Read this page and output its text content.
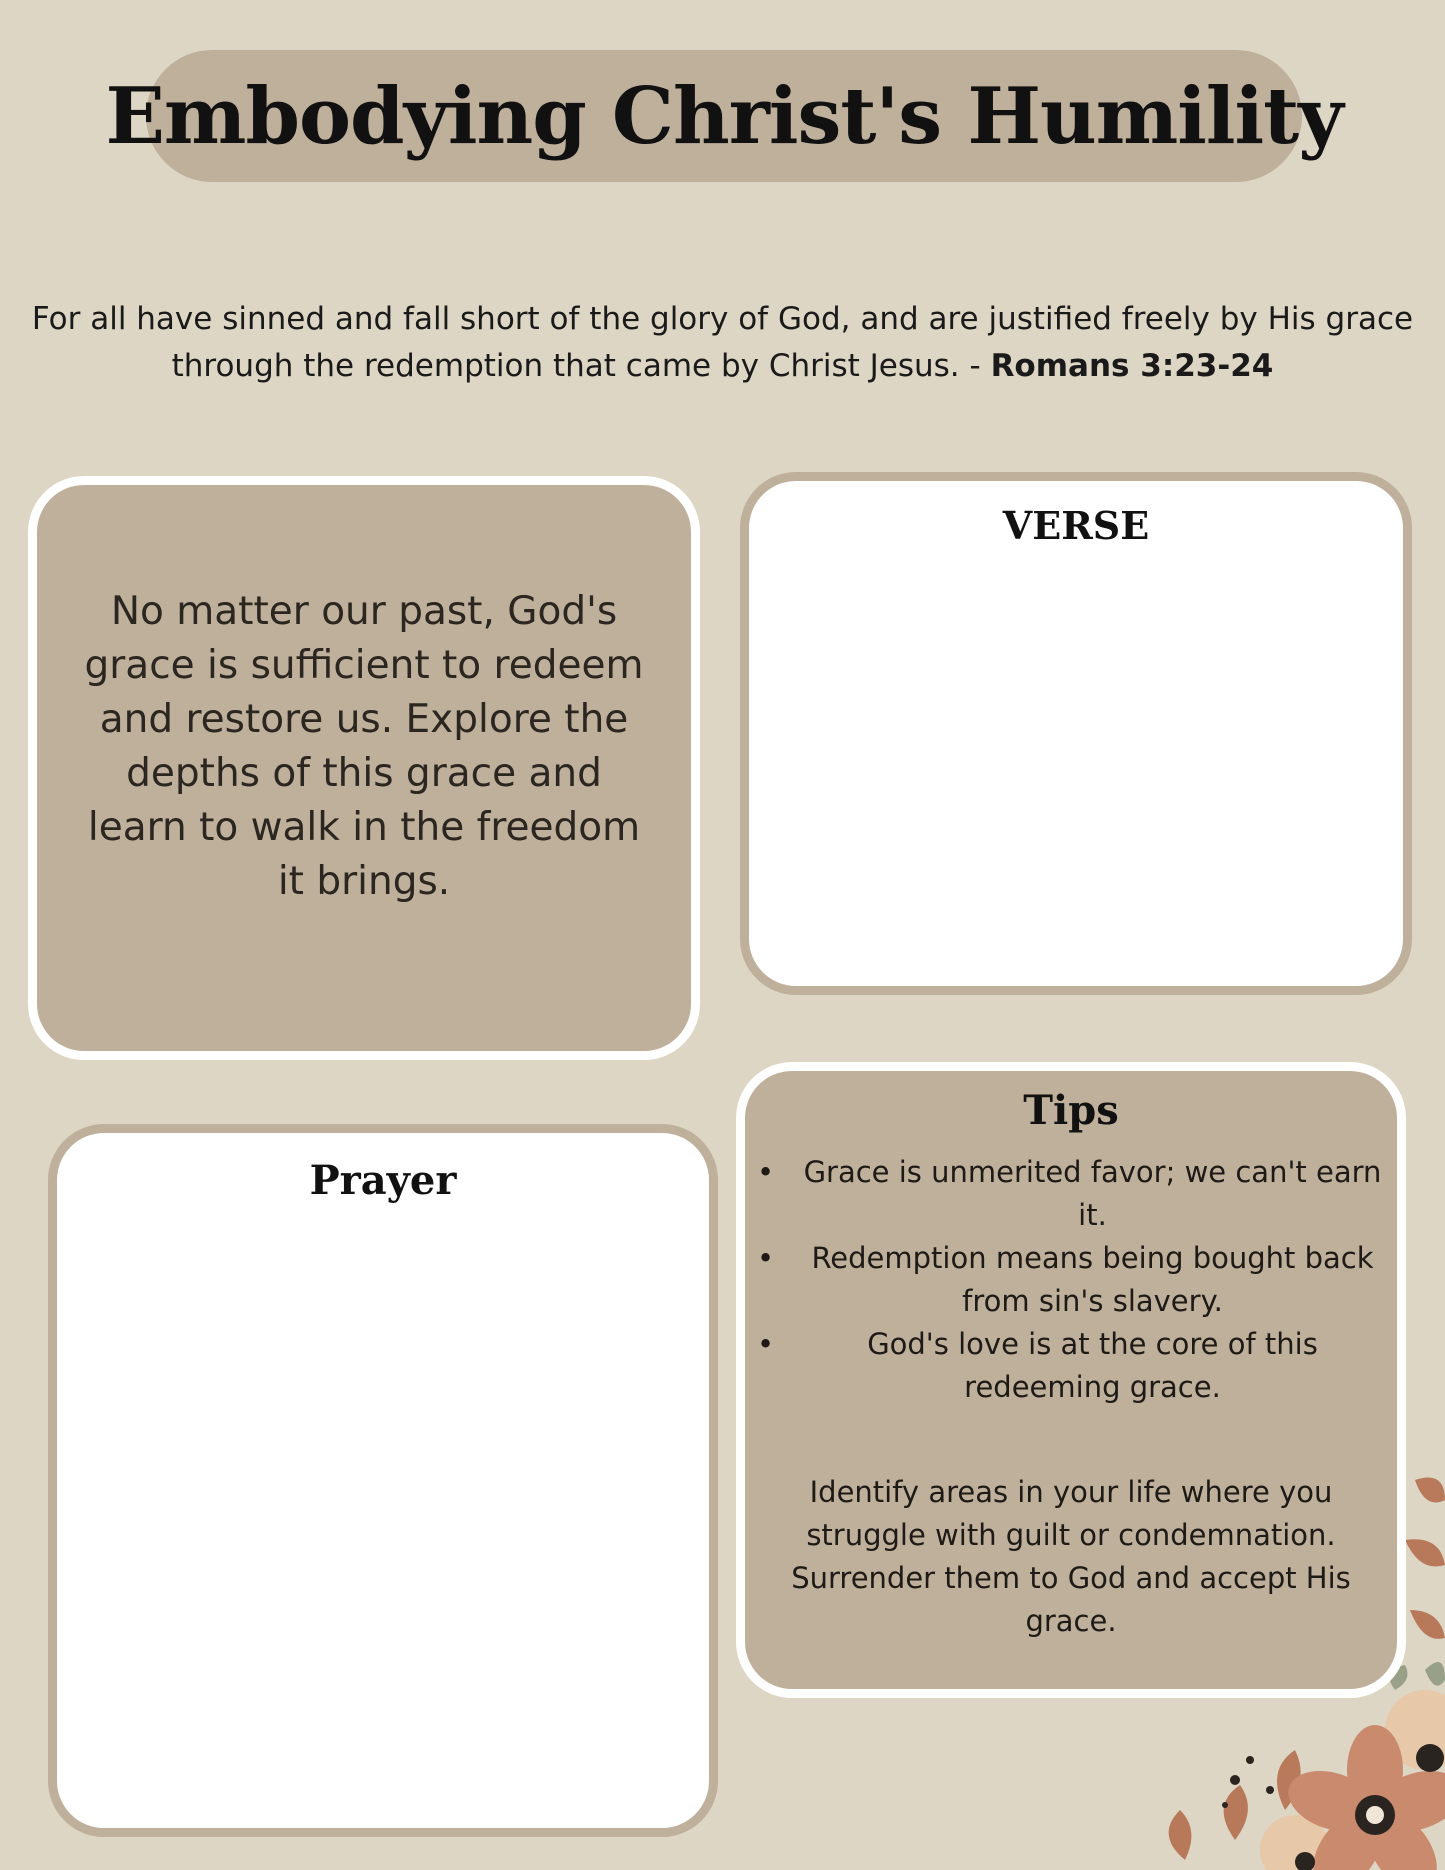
Embodying Christ's Humility
For all have sinned and fall short of the glory of God, and are justified freely by His grace through the redemption that came by Christ Jesus. - Romans 3:23-24
No matter our past, God's grace is sufficient to redeem and restore us. Explore the depths of this grace and learn to walk in the freedom it brings.
VERSE
Prayer
Tips
• Grace is unmerited favor; we can't earn it.
• Redemption means being bought back from sin's slavery.
•	God's love is at the core of this redeeming grace.
Identify areas in your life where you struggle with guilt or condemnation. Surrender them to God and accept His grace.
